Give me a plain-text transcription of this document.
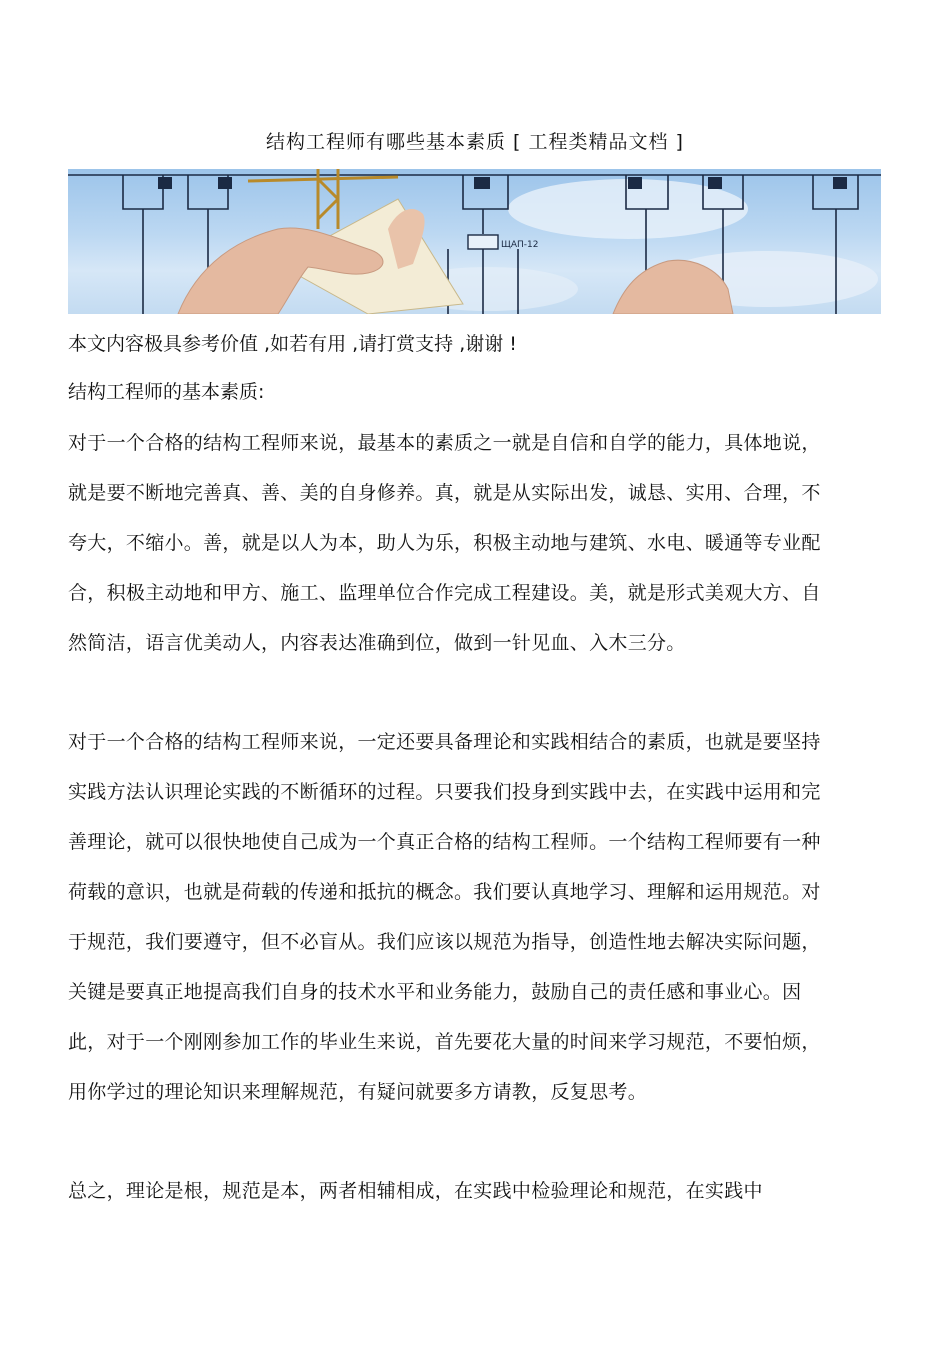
结构工程师有哪些基本素质 [ 工程类精品文档 ]
ЩАП-12
本文内容极具参考价值 ,如若有用 ,请打赏支持 ,谢谢 !
结构工程师的基本素质:

对于一个合格的结构工程师来说，最基本的素质之一就是自信和自学的能力，具体地说，就是要不断地完善真、善、美的自身修养。真，就是从实际出发，诚恳、实用、合理，不夸大，不缩小。善，就是以人为本，助人为乐，积极主动地与建筑、水电、暖通等专业配合，积极主动地和甲方、施工、监理单位合作完成工程建设。美，就是形式美观大方、自然简洁，语言优美动人，内容表达准确到位，做到一针见血、入木三分。

对于一个合格的结构工程师来说，一定还要具备理论和实践相结合的素质，也就是要坚持实践方法认识理论实践的不断循环的过程。只要我们投身到实践中去，在实践中运用和完善理论，就可以很快地使自己成为一个真正合格的结构工程师。一个结构工程师要有一种荷载的意识，也就是荷载的传递和抵抗的概念。我们要认真地学习、理解和运用规范。对于规范，我们要遵守，但不必盲从。我们应该以规范为指导，创造性地去解决实际问题，关键是要真正地提高我们自身的技术水平和业务能力，鼓励自己的责任感和事业心。因此，对于一个刚刚参加工作的毕业生来说，首先要花大量的时间来学习规范，不要怕烦，用你学过的理论知识来理解规范，有疑问就要多方请教，反复思考。

总之，理论是根，规范是本，两者相辅相成，在实践中检验理论和规范，在实践中
